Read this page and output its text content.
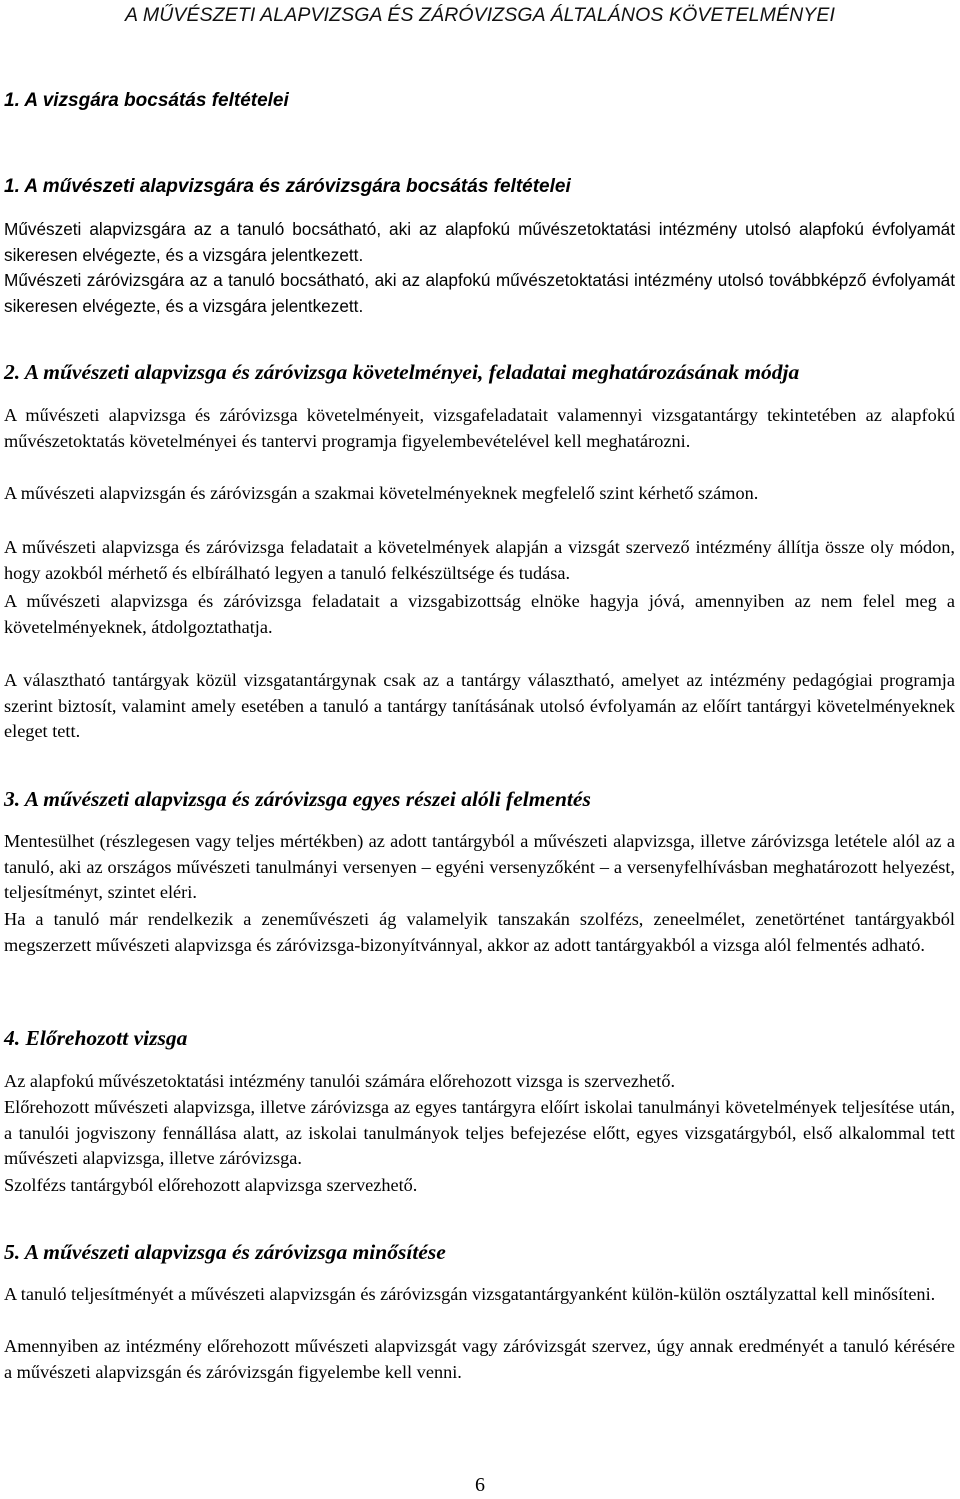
A MŰVÉSZETI ALAPVIZSGA ÉS ZÁRÓVIZSGA ÁLTALÁNOS KÖVETELMÉNYEI
1. A vizsgára bocsátás feltételei
1. A művészeti alapvizsgára és záróvizsgára bocsátás feltételei

Művészeti alapvizsgára az a tanuló bocsátható, aki az alapfokú művészetoktatási intézmény utolsó alapfokú évfolyamát sikeresen elvégezte, és a vizsgára jelentkezett.

Művészeti záróvizsgára az a tanuló bocsátható, aki az alapfokú művészetoktatási intézmény utolsó továbbképző évfolyamát sikeresen elvégezte, és a vizsgára jelentkezett.

2. A művészeti alapvizsga és záróvizsga követelményei, feladatai meghatározásának módja

A művészeti alapvizsga és záróvizsga követelményeit, vizsgafeladatait valamennyi vizsgatantárgy tekintetében az alapfokú művészetoktatás követelményei és tantervi programja figyelembevételével kell meghatározni.

A művészeti alapvizsgán és záróvizsgán a szakmai követelményeknek megfelelő szint kérhető számon.

A művészeti alapvizsga és záróvizsga feladatait a követelmények alapján a vizsgát szervező intézmény állítja össze oly módon, hogy azokból mérhető és elbírálható legyen a tanuló felkészültsége és tudása.

A művészeti alapvizsga és záróvizsga feladatait a vizsgabizottság elnöke hagyja jóvá, amennyiben az nem felel meg a követelményeknek, átdolgoztathatja.

A választható tantárgyak közül vizsgatantárgynak csak az a tantárgy választható, amelyet az intézmény pedagógiai programja szerint biztosít, valamint amely esetében a tanuló a tantárgy tanításának utolsó évfolyamán az előírt tantárgyi követelményeknek eleget tett.

3. A művészeti alapvizsga és záróvizsga egyes részei alóli felmentés

Mentesülhet (részlegesen vagy teljes mértékben) az adott tantárgyból a művészeti alapvizsga, illetve záróvizsga letétele alól az a tanuló, aki az országos művészeti tanulmányi versenyen ‒ egyéni versenyzőként ‒ a versenyfelhívásban meghatározott helyezést, teljesítményt, szintet eléri.

Ha a tanuló már rendelkezik a zeneművészeti ág valamelyik tanszakán szolfézs, zeneelmélet, zenetörténet tantárgyakból megszerzett művészeti alapvizsga és záróvizsga-bizonyítvánnyal, akkor az adott tantárgyakból a vizsga alól felmentés adható.

4. Előrehozott vizsga

Az alapfokú művészetoktatási intézmény tanulói számára előrehozott vizsga is szervezhető.

Előrehozott művészeti alapvizsga, illetve záróvizsga az egyes tantárgyra előírt iskolai tanulmányi követelmények teljesítése után, a tanulói jogviszony fennállása alatt, az iskolai tanulmányok teljes befejezése előtt, egyes vizsgatárgyból, első alkalommal tett művészeti alapvizsga, illetve záróvizsga.

Szolfézs tantárgyból előrehozott alapvizsga szervezhető.

5. A művészeti alapvizsga és záróvizsga minősítése

A tanuló teljesítményét a művészeti alapvizsgán és záróvizsgán vizsgatantárgyanként külön-külön osztályzattal kell minősíteni.

Amennyiben az intézmény előrehozott művészeti alapvizsgát vagy záróvizsgát szervez, úgy annak eredményét a tanuló kérésére a művészeti alapvizsgán és záróvizsgán figyelembe kell venni.

6
